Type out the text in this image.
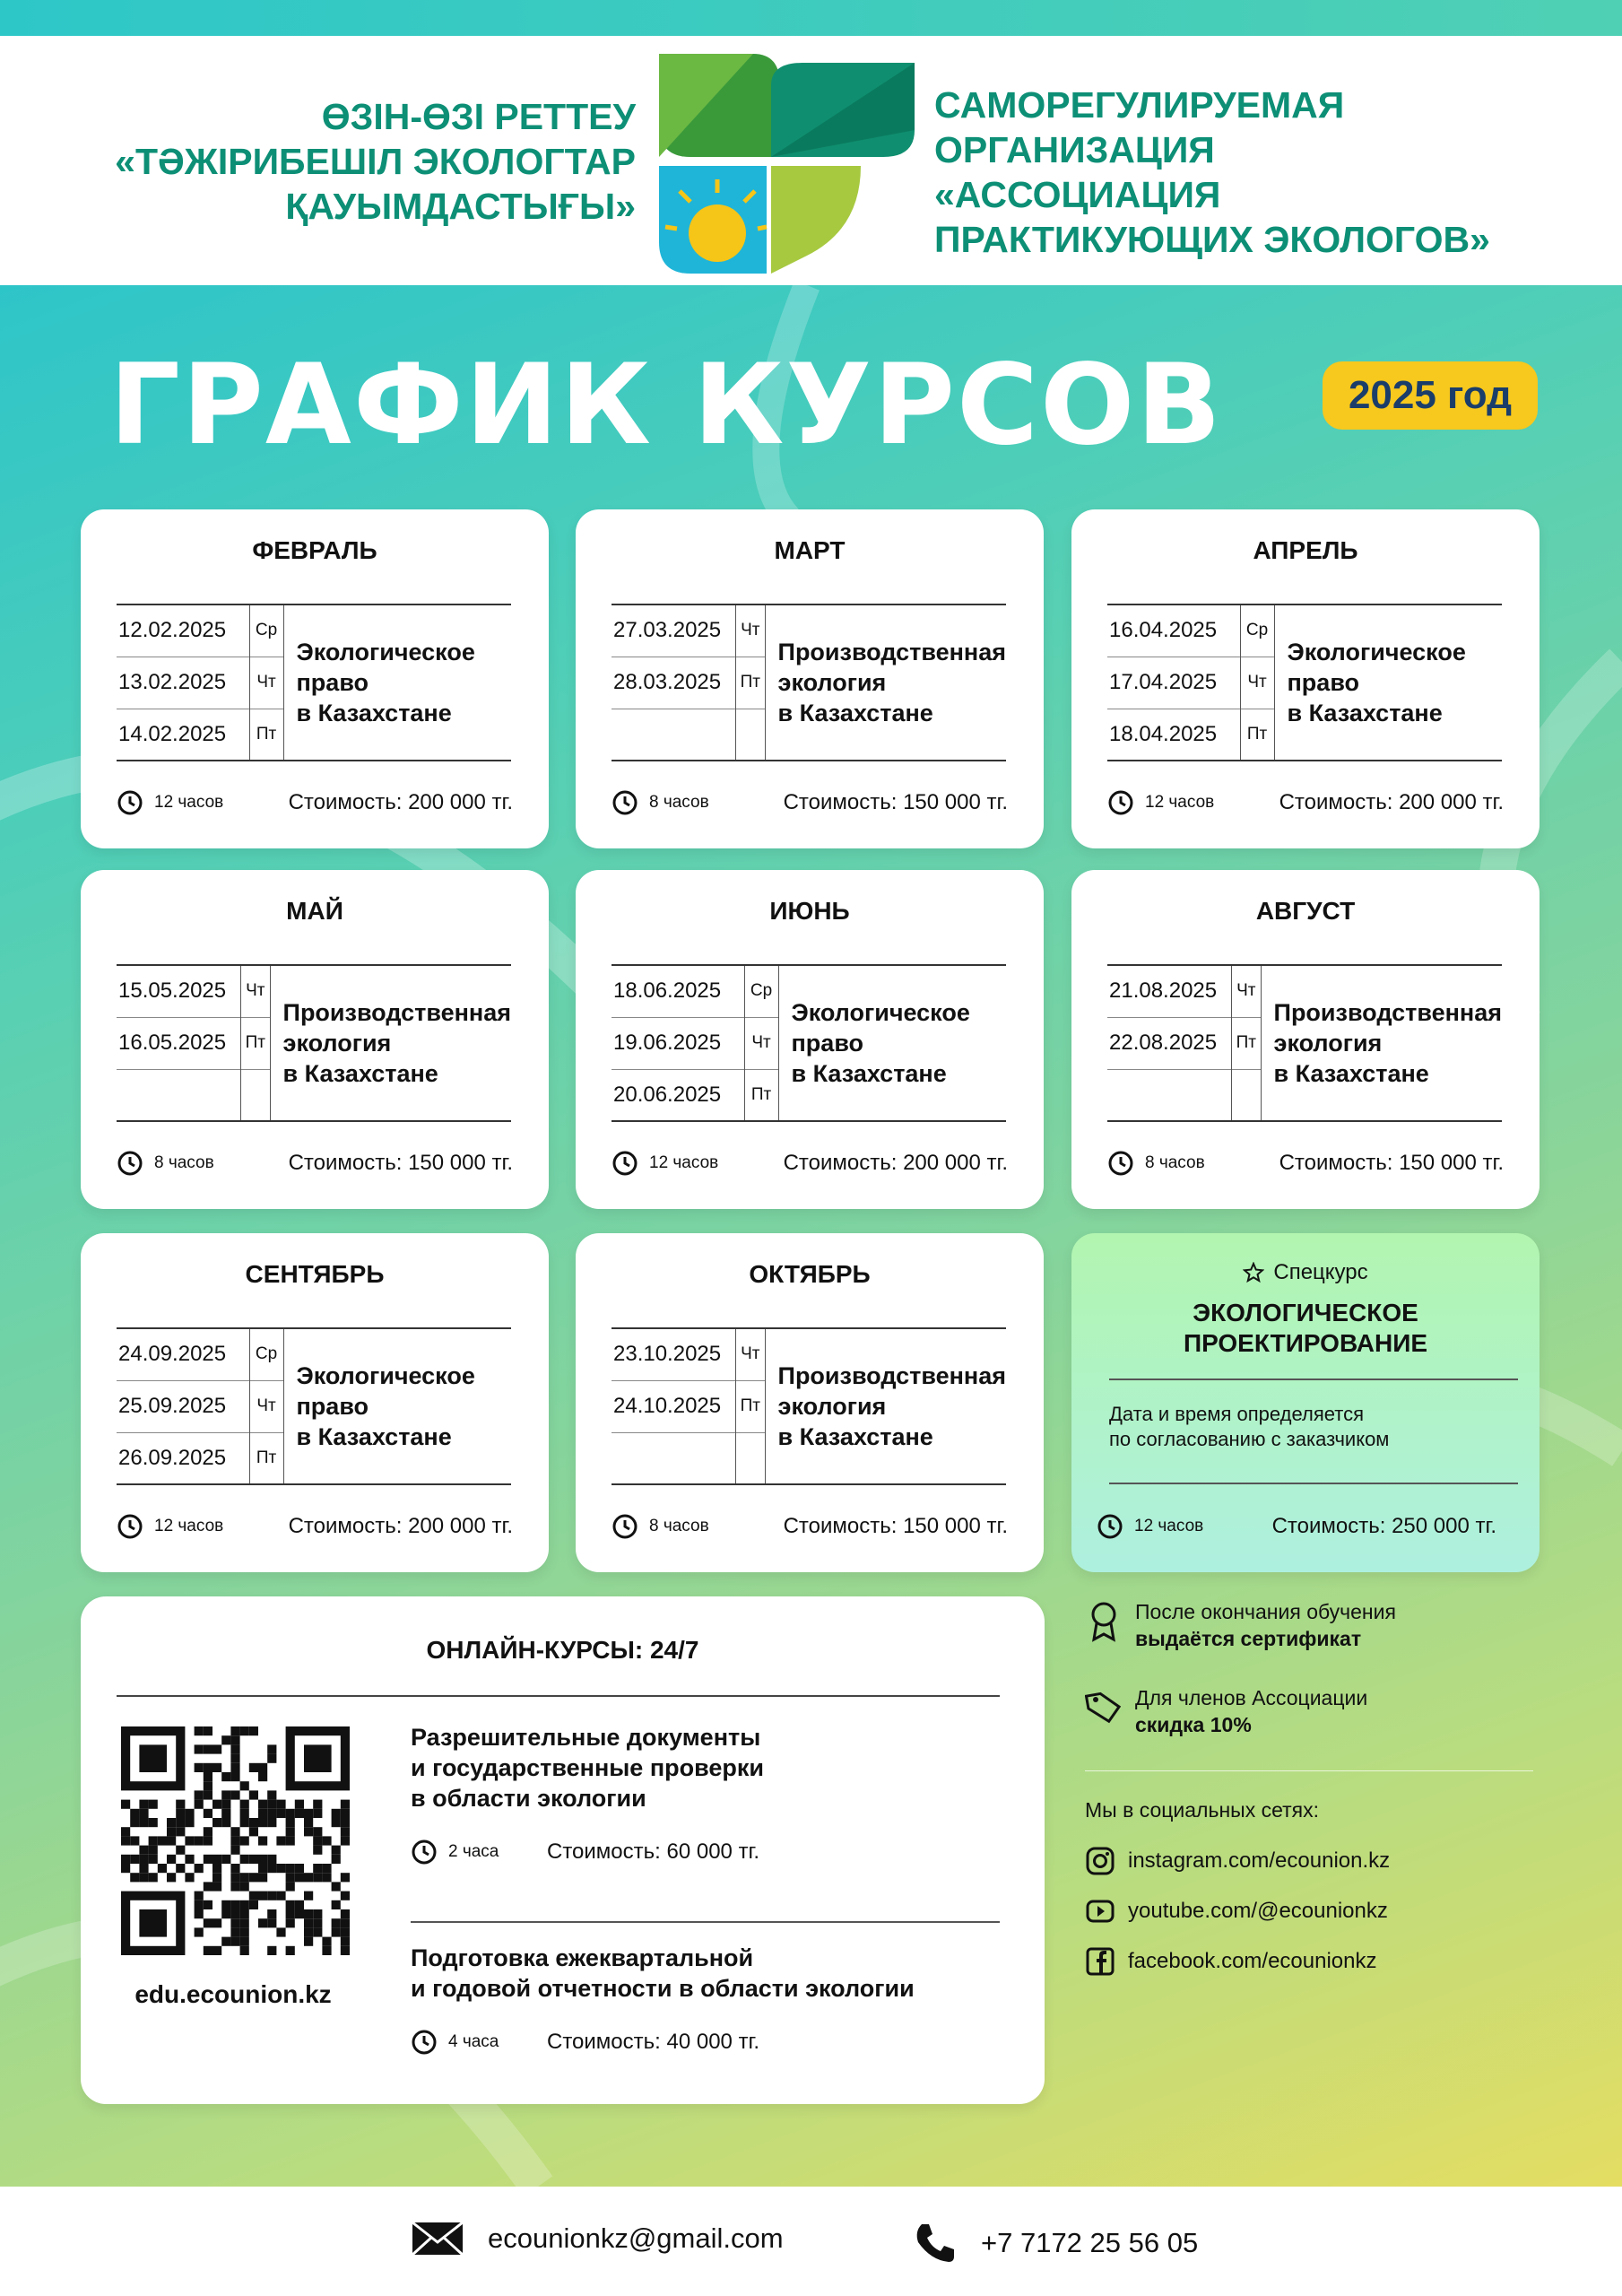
ӨЗІН-ӨЗІ РЕТТЕУ
«ТӘЖІРИБЕШІЛ ЭКОЛОГТАР
ҚАУЫМДАСТЫҒЫ»
САМОРЕГУЛИРУЕМАЯ ОРГАНИЗАЦИЯ
«АССОЦИАЦИЯ
ПРАКТИКУЮЩИХ ЭКОЛОГОВ»
ГРАФИК КУРСОВ	2025 год
ФЕВРАЛЬ
12.02.2025	Ср	Экологическое
право
в Казахстане

13.02.2025	Чт	
14.02.2025	Пт	
12 часов	Стоимость: 200 000 тг.
МАРТ
27.03.2025	Чт	Производственная
экология
в Казахстане

28.03.2025	Пт	

8 часов	Стоимость: 150 000 тг.
АПРЕЛЬ
16.04.2025	Ср	Экологическое
право
в Казахстане

17.04.2025	Чт	
18.04.2025	Пт	
12 часов	Стоимость: 200 000 тг.
МАЙ
15.05.2025	Чт	Производственная
экология
в Казахстане

16.05.2025	Пт	

8 часов	Стоимость: 150 000 тг.
ИЮНЬ
18.06.2025	Ср	Экологическое
право
в Казахстане

19.06.2025	Чт	
20.06.2025	Пт	
12 часов	Стоимость: 200 000 тг.
АВГУСТ
21.08.2025	Чт	Производственная
экология
в Казахстане

22.08.2025	Пт	

8 часов	Стоимость: 150 000 тг.
СЕНТЯБРЬ
24.09.2025	Ср	Экологическое
право
в Казахстане

25.09.2025	Чт	
26.09.2025	Пт	
12 часов	Стоимость: 200 000 тг.
ОКТЯБРЬ
23.10.2025	Чт	Производственная
экология
в Казахстане

24.10.2025	Пт	

8 часов	Стоимость: 150 000 тг.
Спецкурс
ЭКОЛОГИЧЕСКОЕ
ПРОЕКТИРОВАНИЕ
Дата и время определяется
по согласованию с заказчиком
12 часов	Стоимость: 250 000 тг.
ОНЛАЙН-КУРСЫ: 24/7
edu.ecounion.kz
Разрешительные документы
и государственные проверки
в области экологии
2 часа	Стоимость: 60 000 тг.
Подготовка ежеквартальной
и годовой отчетности в области экологии
4 часа	Стоимость: 40 000 тг.
После окончания обучения
выдаётся сертификат
Для членов Ассоциации
скидка 10%
Мы в социальных сетях:
instagram.com/ecounion.kz
youtube.com/@ecounionkz
facebook.com/ecounionkz
ecounionkz@gmail.com	+7 7172 25 56 05
